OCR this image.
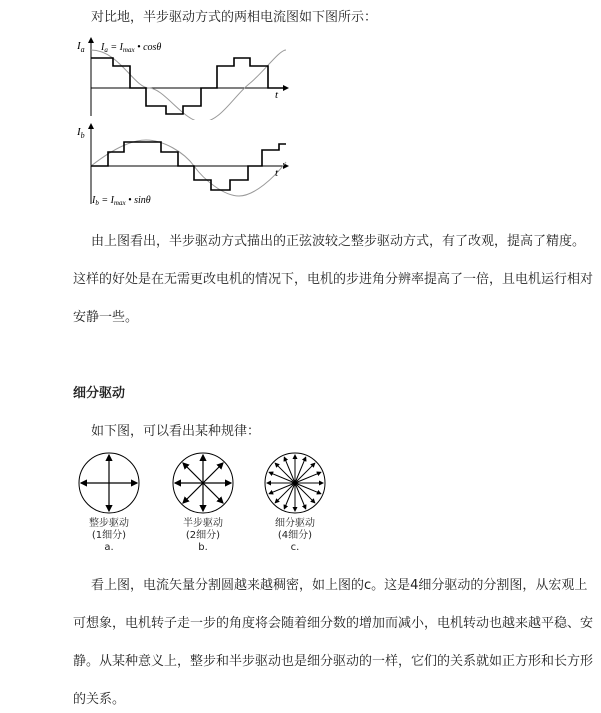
对比地，半步驱动方式的两相电流图如下图所示：
$I_a$ $I_a = I_{max}$ • cosθ
t
$I_b$
$I_b = I_{max}$ • sinθ
t
由上图看出，半步驱动方式描出的正弦波较之整步驱动方式，有了改观，提高了精度。
这样的好处是在无需更改电机的情况下，电机的步进角分辨率提高了一倍，且电机运行相对
安静一些。
细分驱动
如下图，可以看出某种规律：
整步驱动
(1细分)
a.
半步驱动
(2细分)
b.
细分驱动
(4细分)
c.
看上图，电流矢量分割圆越来越稠密，如上图的c。这是4细分驱动的分割图，从宏观上
可想象，电机转子走一步的角度将会随着细分数的增加而减小，电机转动也越来越平稳、安
静。从某种意义上，整步和半步驱动也是细分驱动的一样，它们的关系就如正方形和长方形
的关系。
